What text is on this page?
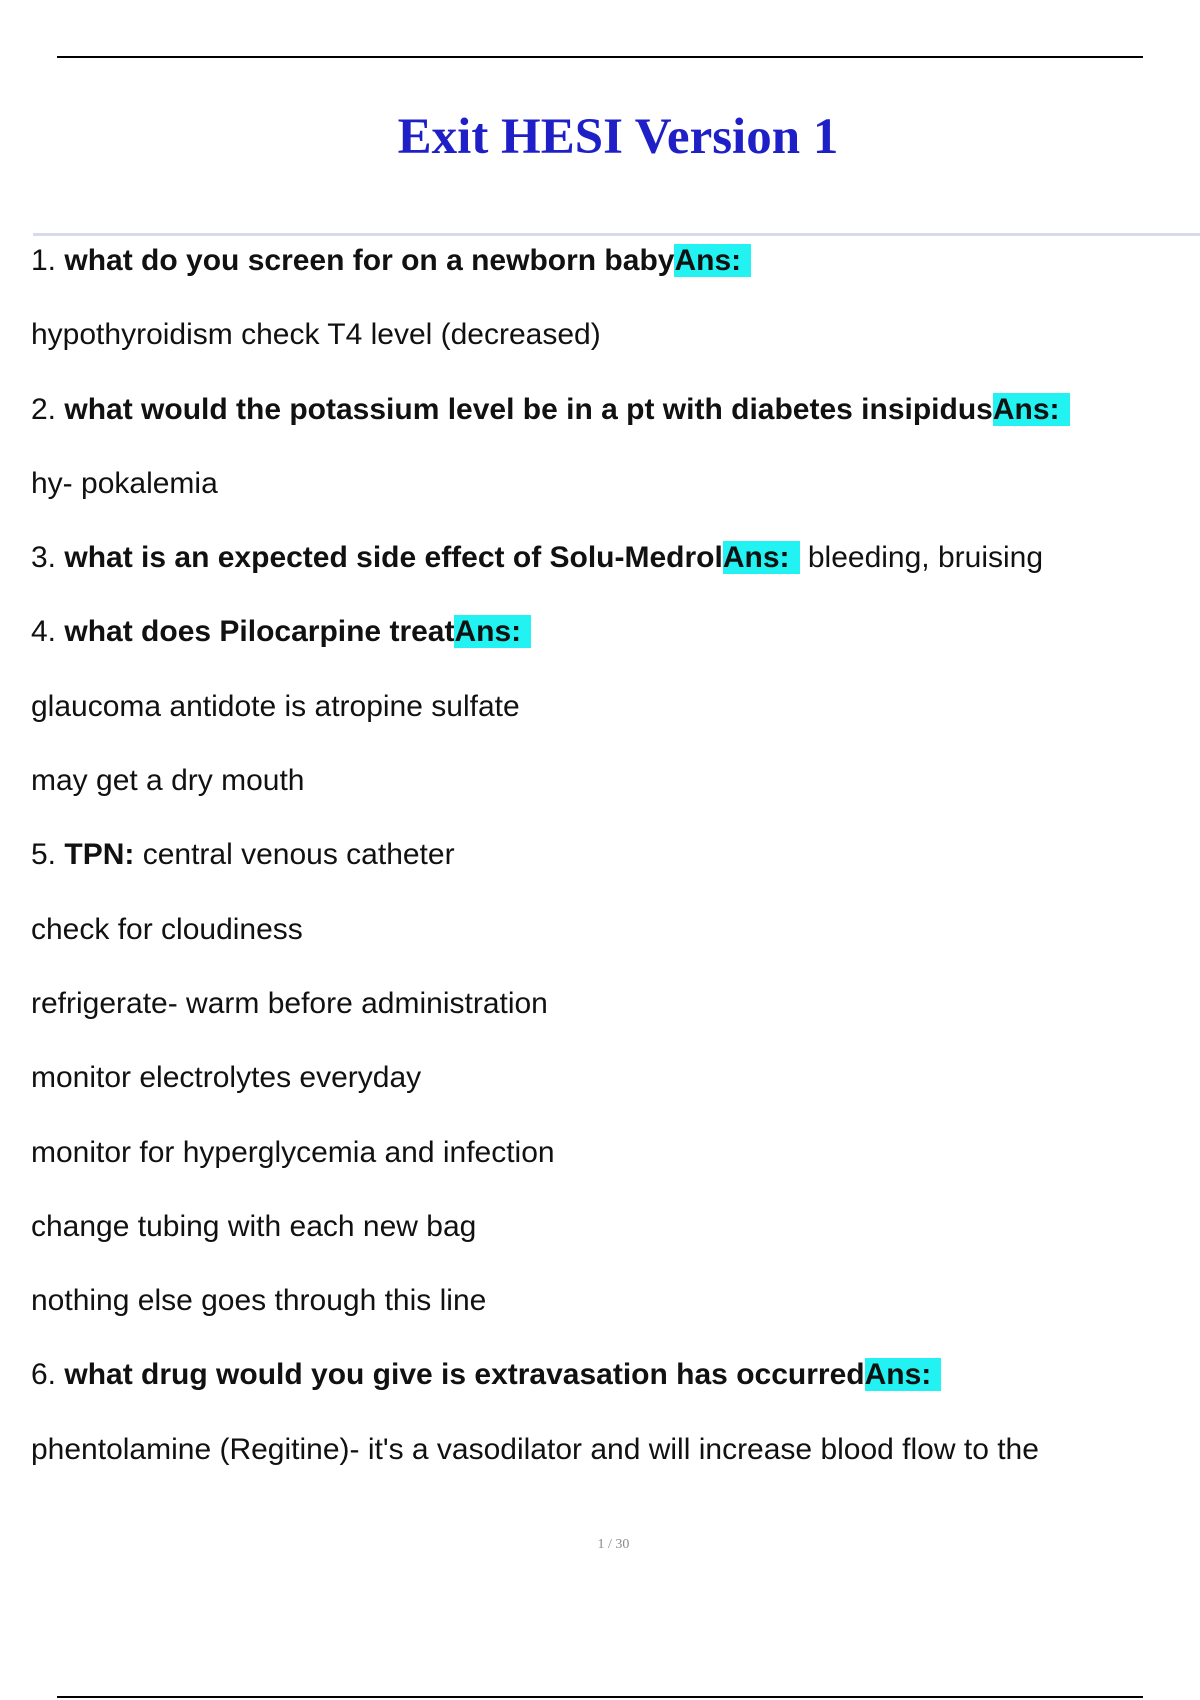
Exit HESI Version 1
1. what do you screen for on a newborn babyAns:
hypothyroidism check T4 level (decreased)
2. what would the potassium level be in a pt with diabetes insipidusAns:
hy- pokalemia
3. what is an expected side effect of Solu-MedrolAns: bleeding, bruising
4. what does Pilocarpine treatAns:
glaucoma antidote is atropine sulfate
may get a dry mouth
5. TPN: central venous catheter
check for cloudiness
refrigerate- warm before administration
monitor electrolytes everyday
monitor for hyperglycemia and infection
change tubing with each new bag
nothing else goes through this line
6. what drug would you give is extravasation has occurredAns:
phentolamine (Regitine)- it's a vasodilator and will increase blood flow to the
1 / 30
